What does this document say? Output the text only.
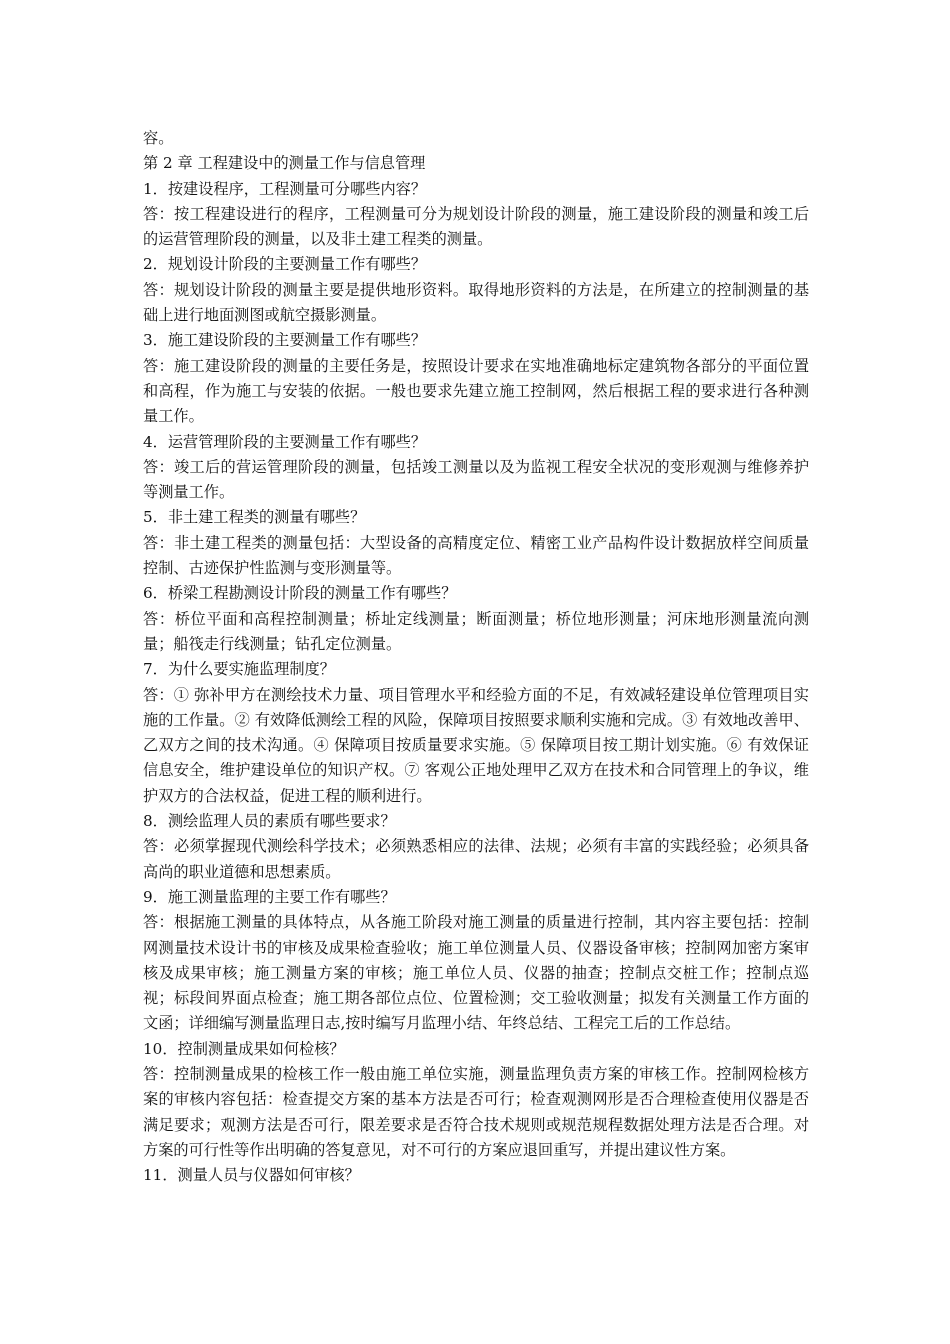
容。
第 2 章 工程建设中的测量工作与信息管理
1．按建设程序，工程测量可分哪些内容？
答：按工程建设进行的程序，工程测量可分为规划设计阶段的测量，施工建设阶段的测量和竣工后的运营管理阶段的测量，以及非土建工程类的测量。
2．规划设计阶段的主要测量工作有哪些？
答：规划设计阶段的测量主要是提供地形资料。取得地形资料的方法是，在所建立的控制测量的基础上进行地面测图或航空摄影测量。
3．施工建设阶段的主要测量工作有哪些？
答：施工建设阶段的测量的主要任务是，按照设计要求在实地准确地标定建筑物各部分的平面位置和高程，作为施工与安装的依据。一般也要求先建立施工控制网，然后根据工程的要求进行各种测量工作。
4．运营管理阶段的主要测量工作有哪些？
答：竣工后的营运管理阶段的测量，包括竣工测量以及为监视工程安全状况的变形观测与维修养护等测量工作。
5．非土建工程类的测量有哪些？
答：非土建工程类的测量包括：大型设备的高精度定位、精密工业产品构件设计数据放样空间质量控制、古迹保护性监测与变形测量等。
6．桥梁工程勘测设计阶段的测量工作有哪些？
答：桥位平面和高程控制测量；桥址定线测量；断面测量；桥位地形测量；河床地形测量流向测量；船筏走行线测量；钻孔定位测量。
7．为什么要实施监理制度？
答：① 弥补甲方在测绘技术力量、项目管理水平和经验方面的不足，有效减轻建设单位管理项目实施的工作量。② 有效降低测绘工程的风险，保障项目按照要求顺利实施和完成。③ 有效地改善甲、乙双方之间的技术沟通。④ 保障项目按质量要求实施。⑤ 保障项目按工期计划实施。⑥ 有效保证信息安全，维护建设单位的知识产权。⑦ 客观公正地处理甲乙双方在技术和合同管理上的争议，维护双方的合法权益，促进工程的顺利进行。
8．测绘监理人员的素质有哪些要求？
答：必须掌握现代测绘科学技术；必须熟悉相应的法律、法规；必须有丰富的实践经验；必须具备高尚的职业道德和思想素质。
9．施工测量监理的主要工作有哪些？
答：根据施工测量的具体特点，从各施工阶段对施工测量的质量进行控制，其内容主要包括：控制网测量技术设计书的审核及成果检查验收；施工单位测量人员、仪器设备审核；控制网加密方案审核及成果审核；施工测量方案的审核；施工单位人员、仪器的抽查；控制点交桩工作；控制点巡视；标段间界面点检查；施工期各部位点位、位置检测；交工验收测量；拟发有关测量工作方面的文函；详细编写测量监理日志,按时编写月监理小结、年终总结、工程完工后的工作总结。
10．控制测量成果如何检核？
答：控制测量成果的检核工作一般由施工单位实施，测量监理负责方案的审核工作。控制网检核方案的审核内容包括：检查提交方案的基本方法是否可行；检查观测网形是否合理检查使用仪器是否满足要求；观测方法是否可行，限差要求是否符合技术规则或规范规程数据处理方法是否合理。对方案的可行性等作出明确的答复意见，对不可行的方案应退回重写，并提出建议性方案。
11．测量人员与仪器如何审核？
